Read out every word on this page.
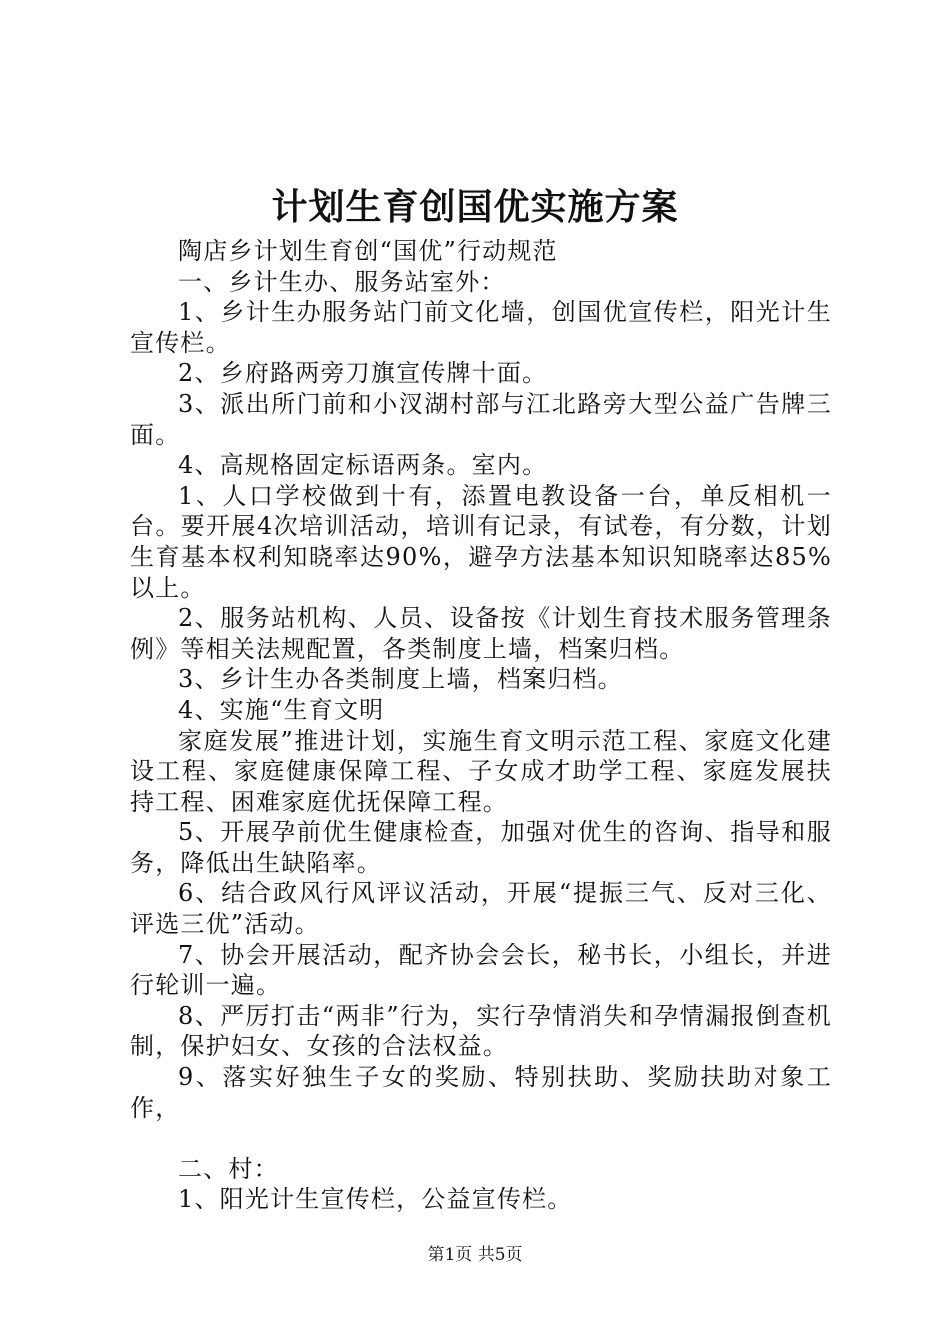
计划生育创国优实施方案

陶店乡计划生育创“国优”行动规范

一、乡计生办、服务站室外：

1、乡计生办服务站门前文化墙，创国优宣传栏，阳光计生宣传栏。

2、乡府路两旁刀旗宣传牌十面。

3、派出所门前和小汊湖村部与江北路旁大型公益广告牌三面。

4、高规格固定标语两条。室内。

1、人口学校做到十有，添置电教设备一台，单反相机一台。要开展4次培训活动，培训有记录，有试卷，有分数，计划生育基本权利知晓率达90%，避孕方法基本知识知晓率达85%以上。

2、服务站机构、人员、设备按《计划生育技术服务管理条例》等相关法规配置，各类制度上墙，档案归档。

3、乡计生办各类制度上墙，档案归档。

4、实施“生育文明

家庭发展”推进计划，实施生育文明示范工程、家庭文化建设工程、家庭健康保障工程、子女成才助学工程、家庭发展扶持工程、困难家庭优抚保障工程。

5、开展孕前优生健康检查，加强对优生的咨询、指导和服务，降低出生缺陷率。

6、结合政风行风评议活动，开展“提振三气、反对三化、评选三优”活动。

7、协会开展活动，配齐协会会长，秘书长，小组长，并进行轮训一遍。

8、严厉打击“两非”行为，实行孕情消失和孕情漏报倒查机制，保护妇女、女孩的合法权益。

9、落实好独生子女的奖励、特别扶助、奖励扶助对象工作，

二、村：

1、阳光计生宣传栏，公益宣传栏。

第1页 共5页
